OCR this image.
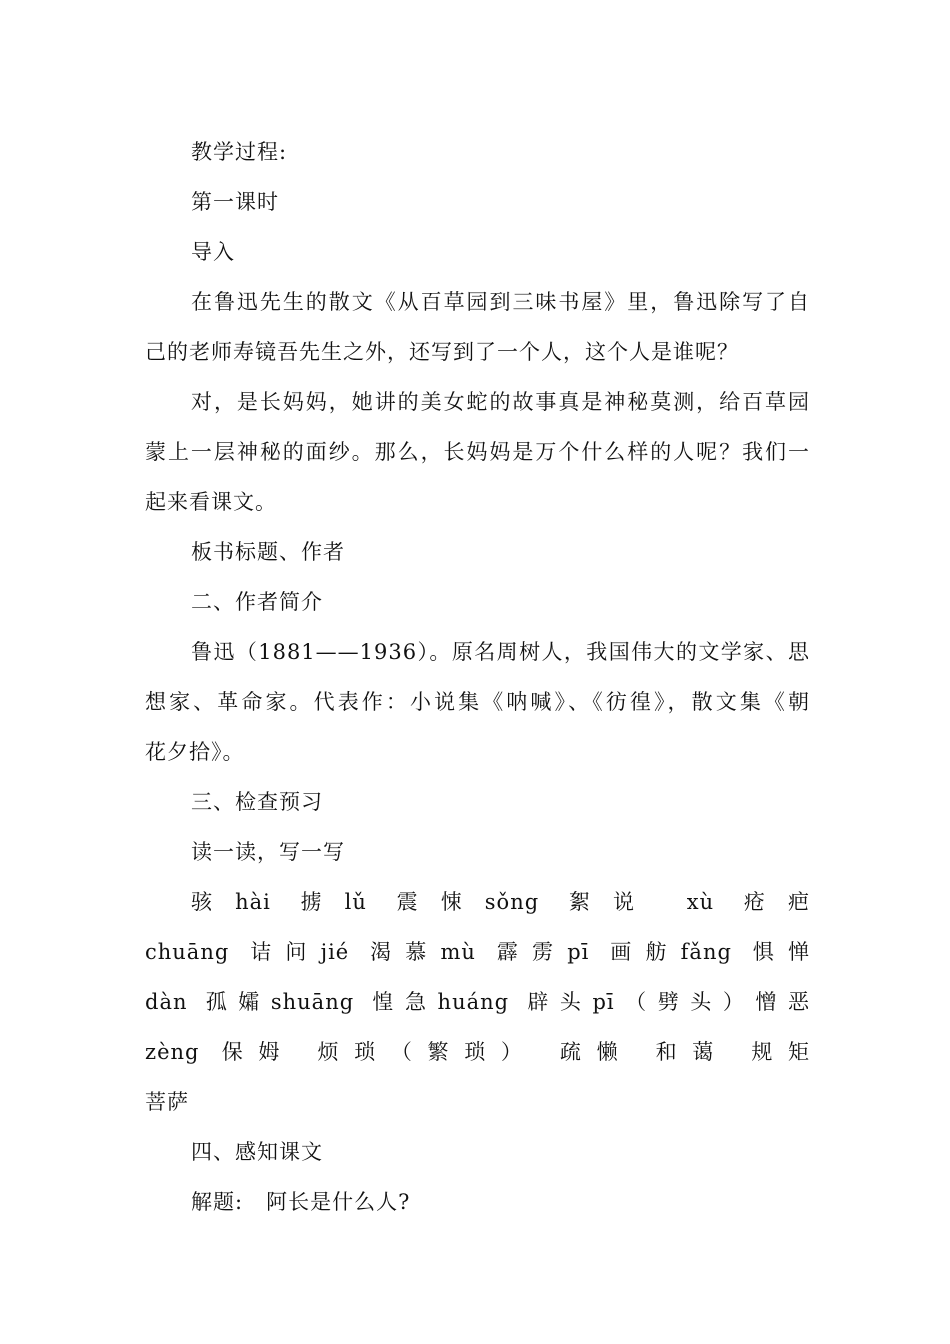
教学过程:
第一课时
导入
在鲁迅先生的散文《从百草园到三味书屋》里，鲁迅除写了自
己的老师寿镜吾先生之外，还写到了一个人，这个人是谁呢？
对，是长妈妈，她讲的美女蛇的故事真是神秘莫测，给百草园
蒙上一层神秘的面纱。那么，长妈妈是万个什么样的人呢？我们一
起来看课文。
板书标题、作者
二、作者简介
鲁迅（1881——1936）。原名周树人，我国伟大的文学家、思
想家、革命家。代表作：小说集《呐喊》、《彷徨》，散文集《朝
花夕拾》。
三、检查预习
读一读，写一写
骇hài 掳lǔ 震悚sǒng 絮说 xù 疮疤
chuāng 诘问jié 渴慕mù 霹雳pī 画舫fǎng 惧惮
dàn 孤孀shuāng 惶急huáng 辟头pī（劈头）憎恶
zèng 保姆 烦琐（繁琐） 疏懒 和蔼 规矩
菩萨
四、感知课文
解题:   阿长是什么人?
